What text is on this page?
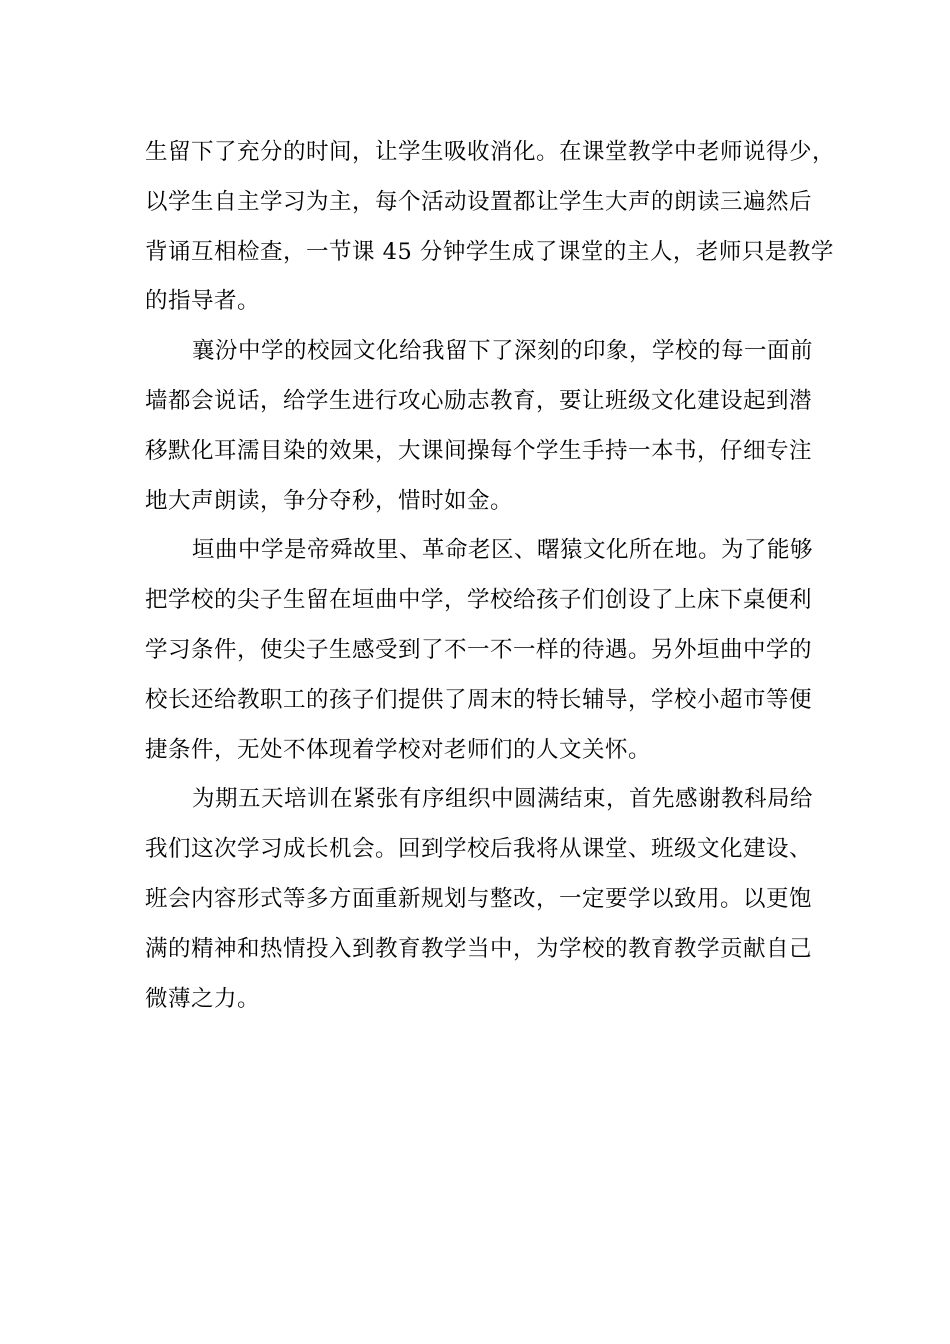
生留下了充分的时间，让学生吸收消化。在课堂教学中老师说得少，
以学生自主学习为主，每个活动设置都让学生大声的朗读三遍然后
背诵互相检查，一节课 45 分钟学生成了课堂的主人，老师只是教学
的指导者。
襄汾中学的校园文化给我留下了深刻的印象，学校的每一面前
墙都会说话，给学生进行攻心励志教育，要让班级文化建设起到潜
移默化耳濡目染的效果，大课间操每个学生手持一本书，仔细专注
地大声朗读，争分夺秒，惜时如金。
垣曲中学是帝舜故里、革命老区、曙猿文化所在地。为了能够
把学校的尖子生留在垣曲中学，学校给孩子们创设了上床下桌便利
学习条件，使尖子生感受到了不一不一样的待遇。另外垣曲中学的
校长还给教职工的孩子们提供了周末的特长辅导，学校小超市等便
捷条件，无处不体现着学校对老师们的人文关怀。
为期五天培训在紧张有序组织中圆满结束，首先感谢教科局给
我们这次学习成长机会。回到学校后我将从课堂、班级文化建设、
班会内容形式等多方面重新规划与整改，一定要学以致用。以更饱
满的精神和热情投入到教育教学当中，为学校的教育教学贡献自己
微薄之力。
